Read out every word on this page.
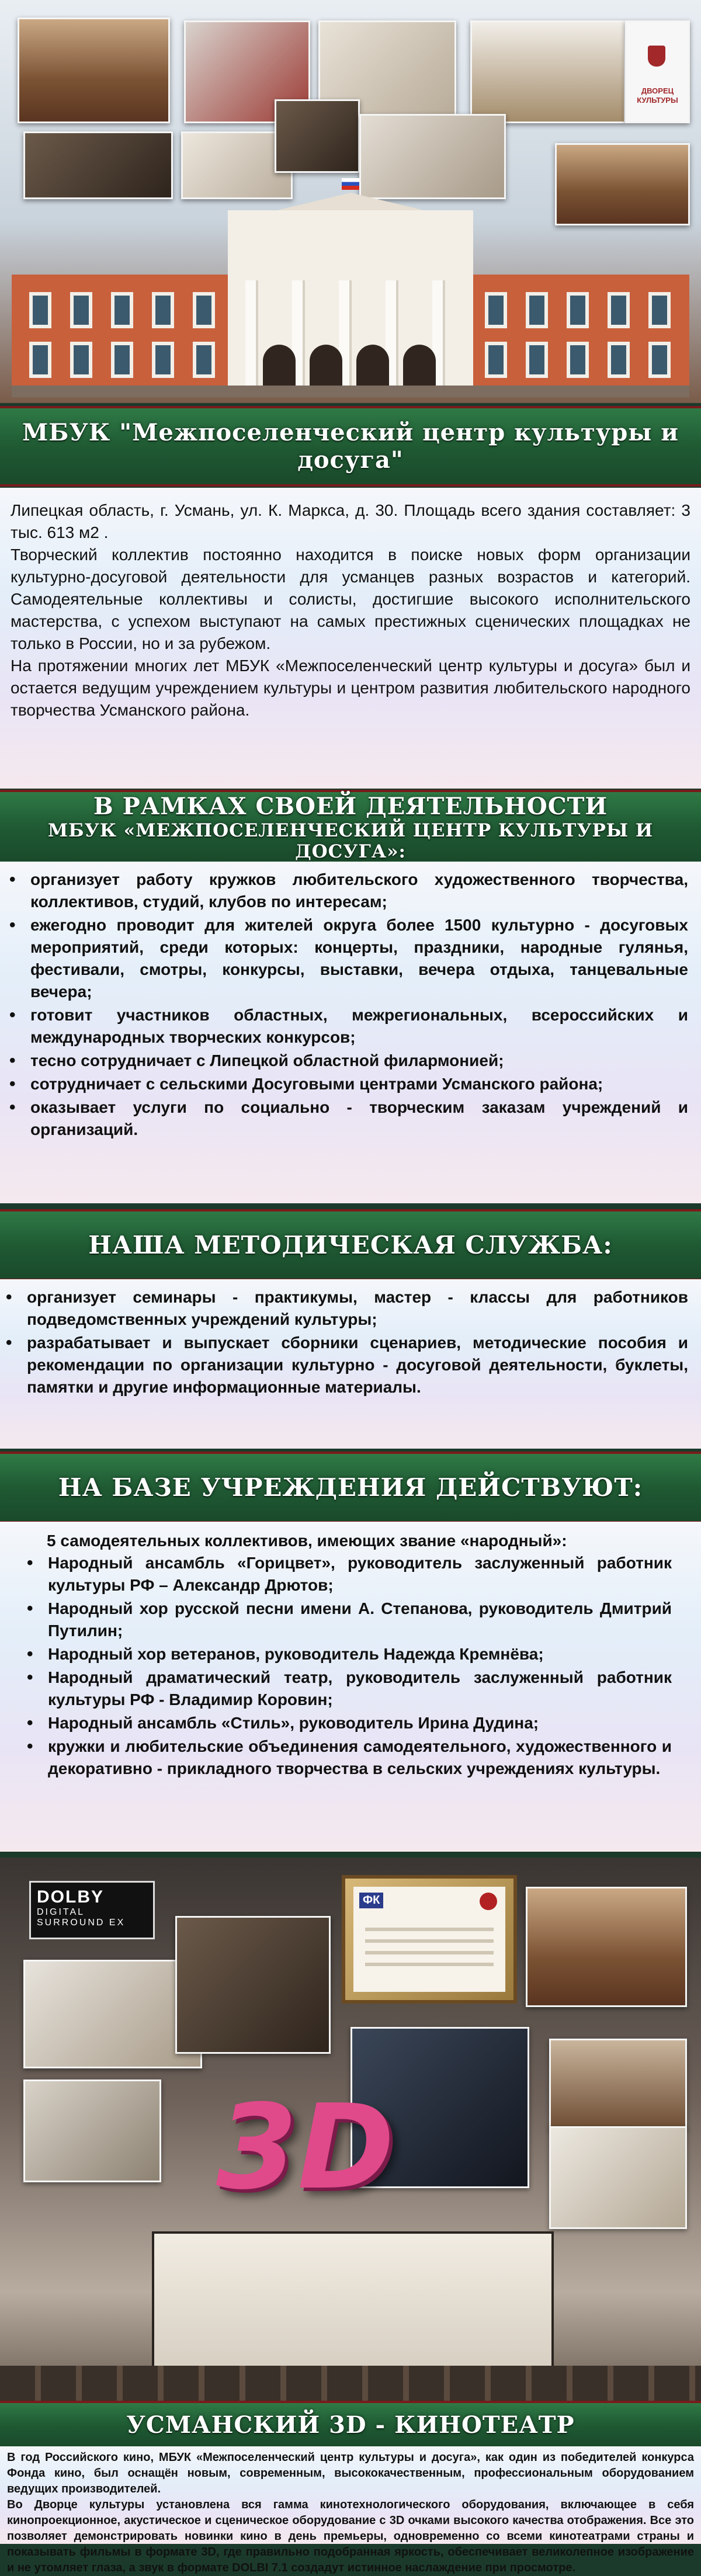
ДВОРЕЦ КУЛЬТУРЫ
МБУК "Межпоселенческий центр культуры и досуга"

Липецкая область, г. Усмань, ул. К. Маркса, д. 30. Площадь всего здания составляет: 3 тыс. 613 м2 .

Творческий коллектив постоянно находится в поиске новых форм организации культурно-досуговой деятельности для усманцев разных возрастов и категорий. Самодеятельные коллективы и солисты, достигшие высокого исполнительского мастерства, с успехом выступают на самых престижных сценических площадках не только в России, но и за рубежом.

На протяжении многих лет МБУК «Межпоселенческий центр культуры и досуга» был и остается ведущим учреждением культуры и центром развития любительского народного творчества Усманского района.

В РАМКАХ СВОЕЙ ДЕЯТЕЛЬНОСТИ
МБУК «МЕЖПОСЕЛЕНЧЕСКИЙ ЦЕНТР КУЛЬТУРЫ И ДОСУГА»:
• организует работу кружков любительского художественного творчества, коллективов, студий, клубов по интересам;
• ежегодно проводит для жителей округа более 1500 культурно - досуговых мероприятий, среди которых: концерты, праздники, народные гулянья, фестивали, смотры, конкурсы, выставки, вечера отдыха, танцевальные вечера;
• готовит участников областных, межрегиональных, всероссийских и международных творческих конкурсов;
• тесно сотрудничает с Липецкой областной филармонией;
• сотрудничает с сельскими Досуговыми центрами Усманского района;
• оказывает услуги по социально - творческим заказам учреждений и организаций.
НАША МЕТОДИЧЕСКАЯ СЛУЖБА:
• организует семинары - практикумы, мастер - классы для работников подведомственных учреждений культуры;
• разрабатывает и выпускает сборники сценариев, методические пособия и рекомендации по организации культурно - досуговой деятельности, буклеты, памятки и другие информационные материалы.
НА БАЗЕ УЧРЕЖДЕНИЯ ДЕЙСТВУЮТ:
5 самодеятельных коллективов, имеющих звание «народный»:
• Народный ансамбль «Горицвет», руководитель заслуженный работник культуры РФ – Александр Дрютов;
• Народный хор русской песни имени А. Степанова, руководитель Дмитрий Путилин;
• Народный хор ветеранов, руководитель Надежда Кремнёва;
• Народный драматический театр, руководитель заслуженный работник культуры РФ - Владимир Коровин;
• Народный ансамбль «Стиль», руководитель Ирина Дудина;
• кружки и любительские объединения самодеятельного, художественного и декоративно - прикладного творчества в сельских учреждениях культуры.
DOLBY
DIGITAL
SURROUND EX
ФК
3D
УСМАНСКИЙ 3D - КИНОТЕАТР

В год Российского кино, МБУК «Межпоселенческий центр культуры и досуга», как один из победителей конкурса Фонда кино, был оснащён новым, современным, высококачественным, профессиональным оборудованием ведущих производителей.

Во Дворце культуры установлена вся гамма кинотехнологического оборудования, включающее в себя кинопроекционное, акустическое и сценическое оборудование с 3D очками высокого качества отображения. Все это позволяет демонстрировать новинки кино в день премьеры, одновременно со всеми кинотеатрами страны и показывать фильмы в формате 3D, где правильно подобранная яркость, обеспечивает великолепное изображение и не утомляет глаза, а звук в формате DOLBI 7.1 создадут истинное наслаждение при просмотре.
